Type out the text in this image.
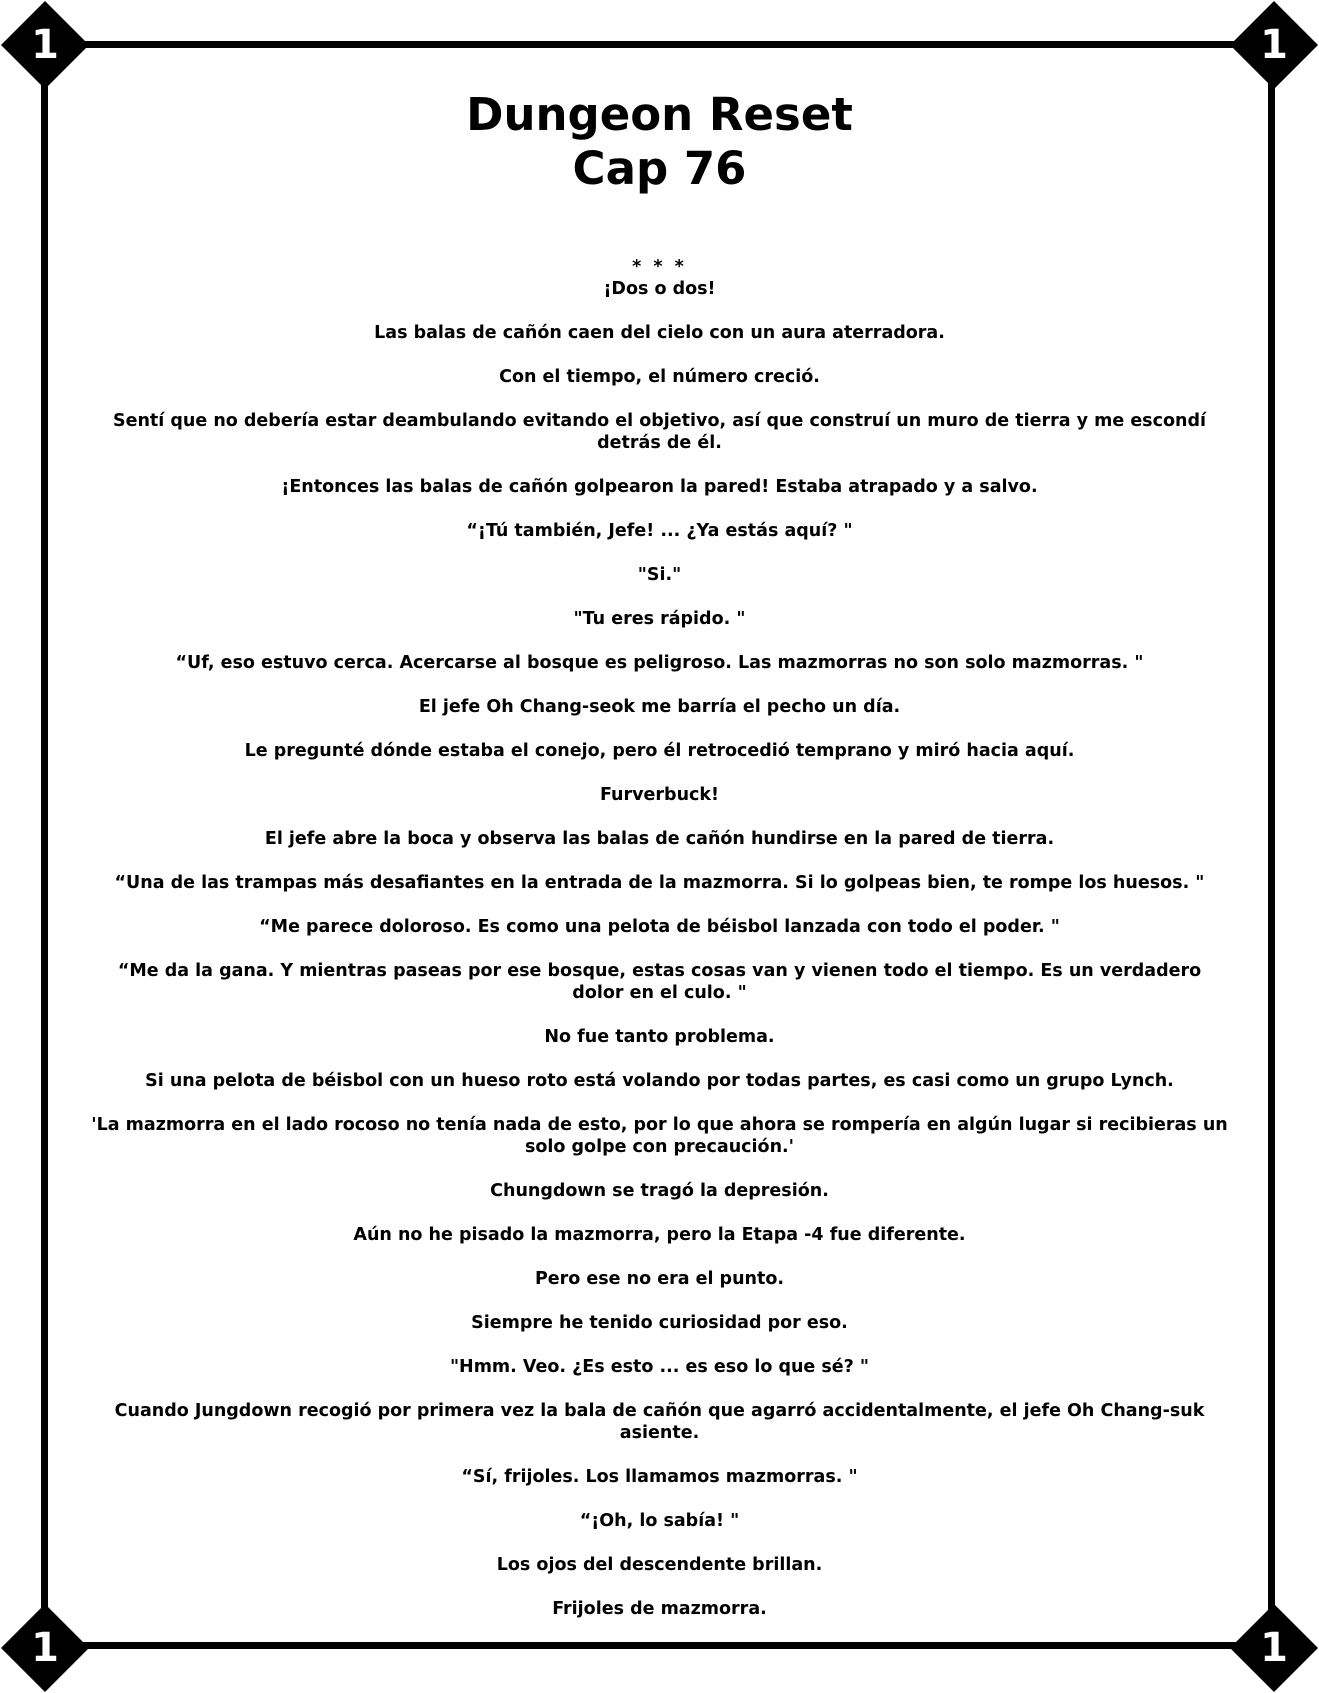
1	1
1	1
Dungeon Reset
Cap 76

* * *

¡Dos o dos!

Las balas de cañón caen del cielo con un aura aterradora.

Con el tiempo, el número creció.

Sentí que no debería estar deambulando evitando el objetivo, así que construí un muro de tierra y me escondí detrás de él.

¡Entonces las balas de cañón golpearon la pared! Estaba atrapado y a salvo.

“¡Tú también, Jefe! ... ¿Ya estás aquí? "

"Si."

"Tu eres rápido. "

“Uf, eso estuvo cerca. Acercarse al bosque es peligroso. Las mazmorras no son solo mazmorras. "

El jefe Oh Chang-seok me barría el pecho un día.

Le pregunté dónde estaba el conejo, pero él retrocedió temprano y miró hacia aquí.

Furverbuck!

El jefe abre la boca y observa las balas de cañón hundirse en la pared de tierra.

“Una de las trampas más desafiantes en la entrada de la mazmorra. Si lo golpeas bien, te rompe los huesos. "

“Me parece doloroso. Es como una pelota de béisbol lanzada con todo el poder. "

“Me da la gana. Y mientras paseas por ese bosque, estas cosas van y vienen todo el tiempo. Es un verdadero dolor en el culo. "

No fue tanto problema.

Si una pelota de béisbol con un hueso roto está volando por todas partes, es casi como un grupo Lynch.

'La mazmorra en el lado rocoso no tenía nada de esto, por lo que ahora se rompería en algún lugar si recibieras un solo golpe con precaución.'

Chungdown se tragó la depresión.

Aún no he pisado la mazmorra, pero la Etapa -4 fue diferente.

Pero ese no era el punto.

Siempre he tenido curiosidad por eso.

"Hmm. Veo. ¿Es esto ... es eso lo que sé? "

Cuando Jungdown recogió por primera vez la bala de cañón que agarró accidentalmente, el jefe Oh Chang-suk asiente.

“Sí, frijoles. Los llamamos mazmorras. "

“¡Oh, lo sabía! "

Los ojos del descendente brillan.

Frijoles de mazmorra.
